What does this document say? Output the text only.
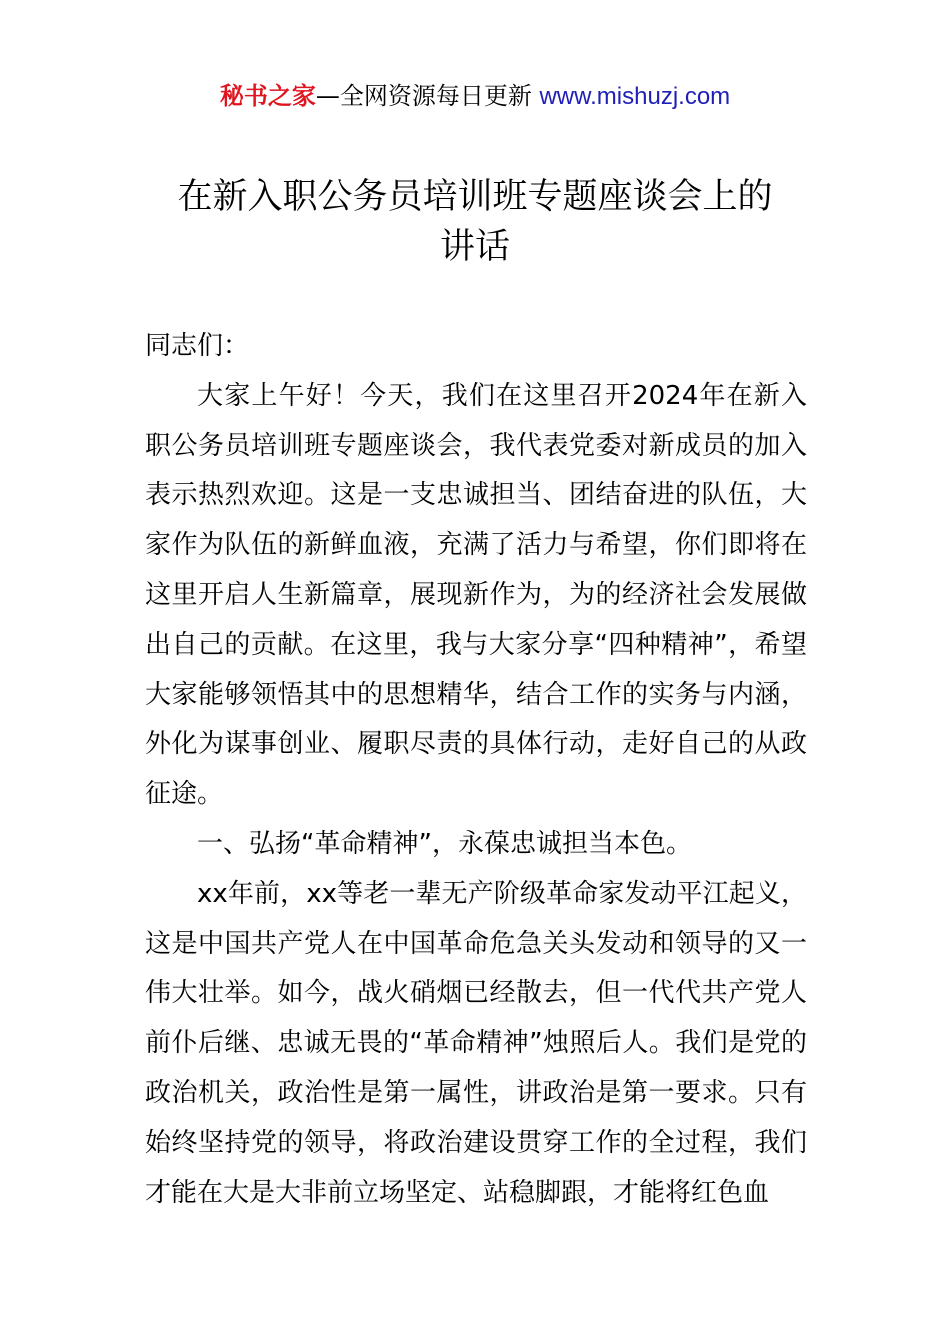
秘书之家—全网资源每日更新 www.mishuzj.com
在新入职公务员培训班专题座谈会上的
讲话

同志们：

大家上午好！今天，我们在这里召开2024年在新入职公务员培训班专题座谈会，我代表党委对新成员的加入表示热烈欢迎。这是一支忠诚担当、团结奋进的队伍，大家作为队伍的新鲜血液，充满了活力与希望，你们即将在这里开启人生新篇章，展现新作为，为的经济社会发展做出自己的贡献。在这里，我与大家分享“四种精神”，希望大家能够领悟其中的思想精华，结合工作的实务与内涵，外化为谋事创业、履职尽责的具体行动，走好自己的从政征途。

一、弘扬“革命精神”，永葆忠诚担当本色。

xx年前，xx等老一辈无产阶级革命家发动平江起义，这是中国共产党人在中国革命危急关头发动和领导的又一伟大壮举。如今，战火硝烟已经散去，但一代代共产党人前仆后继、忠诚无畏的“革命精神”烛照后人。我们是党的政治机关，政治性是第一属性，讲政治是第一要求。只有始终坚持党的领导，将政治建设贯穿工作的全过程，我们才能在大是大非前立场坚定、站稳脚跟，才能将红色血
